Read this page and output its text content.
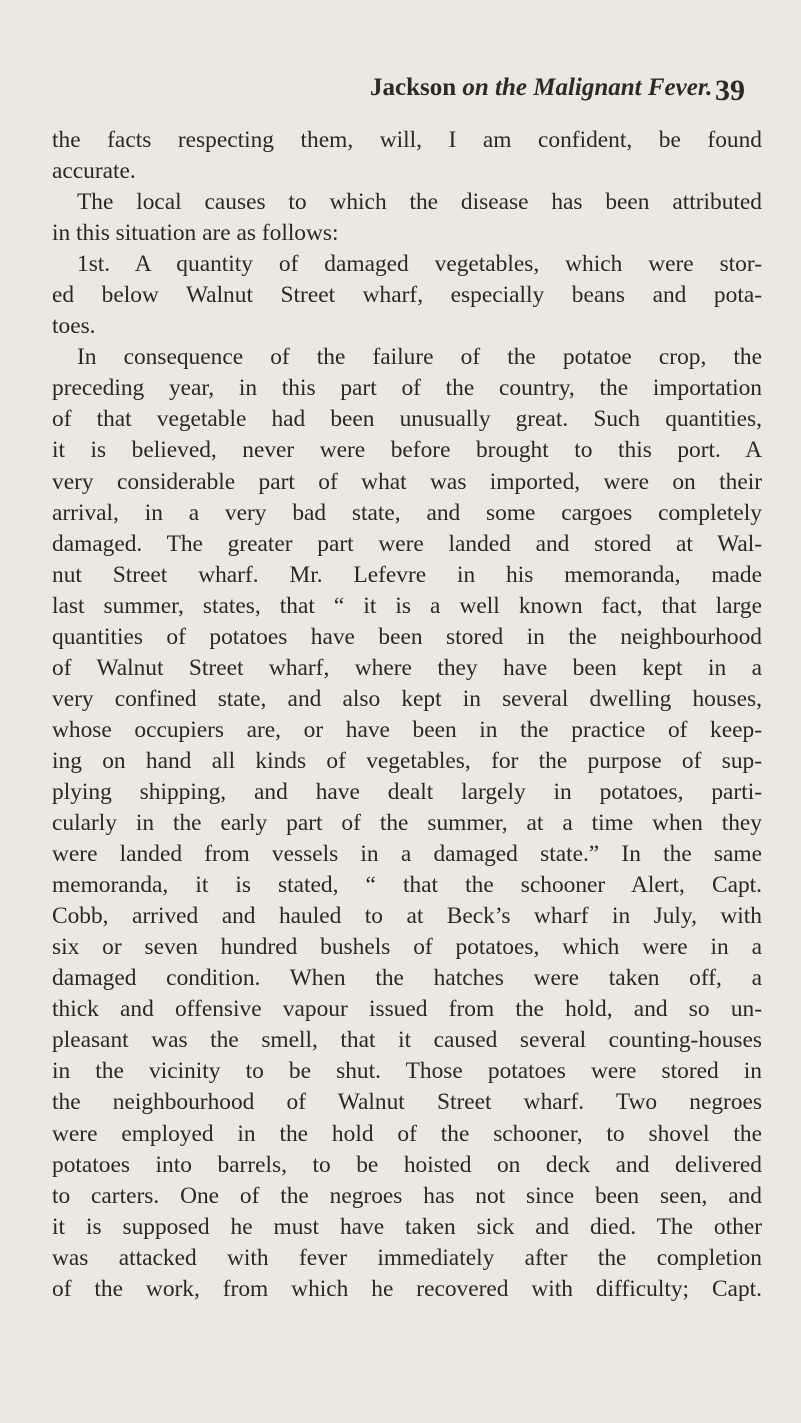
Jackson on the Malignant Fever. 39
the facts respecting them, will, I am confident, be found
accurate.
The local causes to which the disease has been attributed
in this situation are as follows:
1st. A quantity of damaged vegetables, which were stor-
ed below Walnut Street wharf, especially beans and pota-
toes.
In consequence of the failure of the potatoe crop, the
preceding year, in this part of the country, the importation
of that vegetable had been unusually great. Such quantities,
it is believed, never were before brought to this port. A
very considerable part of what was imported, were on their
arrival, in a very bad state, and some cargoes completely
damaged. The greater part were landed and stored at Wal-
nut Street wharf. Mr. Lefevre in his memoranda, made
last summer, states, that “ it is a well known fact, that large
quantities of potatoes have been stored in the neighbourhood
of Walnut Street wharf, where they have been kept in a
very confined state, and also kept in several dwelling houses,
whose occupiers are, or have been in the practice of keep-
ing on hand all kinds of vegetables, for the purpose of sup-
plying shipping, and have dealt largely in potatoes, parti-
cularly in the early part of the summer, at a time when they
were landed from vessels in a damaged state.” In the same
memoranda, it is stated, “ that the schooner Alert, Capt.
Cobb, arrived and hauled to at Beck’s wharf in July, with
six or seven hundred bushels of potatoes, which were in a
damaged condition. When the hatches were taken off, a
thick and offensive vapour issued from the hold, and so un-
pleasant was the smell, that it caused several counting-houses
in the vicinity to be shut. Those potatoes were stored in
the neighbourhood of Walnut Street wharf. Two negroes
were employed in the hold of the schooner, to shovel the
potatoes into barrels, to be hoisted on deck and delivered
to carters. One of the negroes has not since been seen, and
it is supposed he must have taken sick and died. The other
was attacked with fever immediately after the completion
of the work, from which he recovered with difficulty; Capt.
